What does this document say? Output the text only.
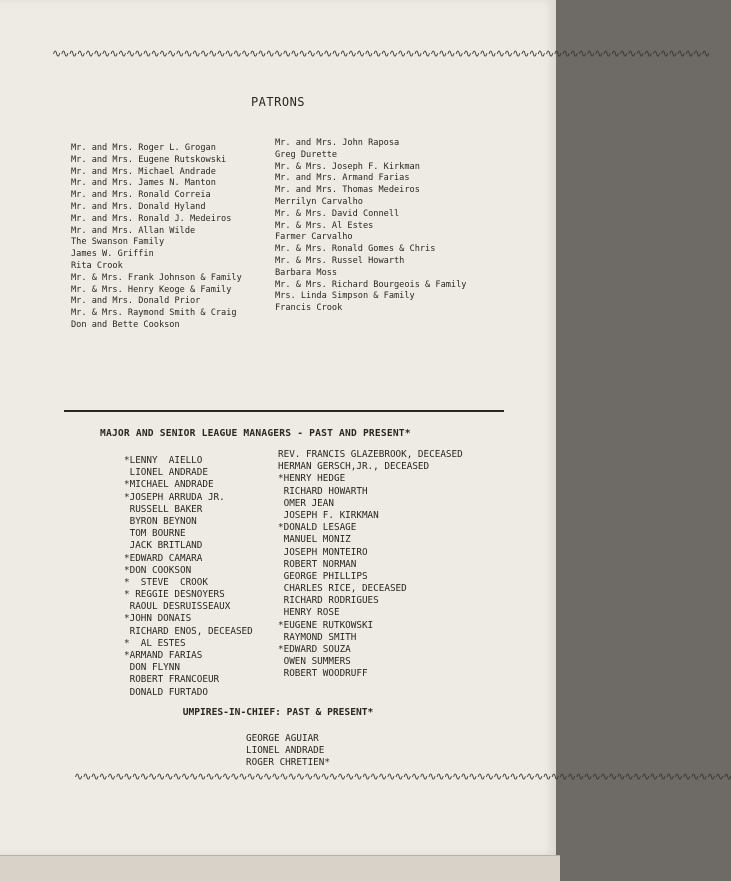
∿∿∿∿∿∿∿∿∿∿∿∿∿∿∿∿∿∿∿∿∿∿∿∿∿∿∿∿∿∿∿∿∿∿∿∿∿∿∿∿∿∿∿∿∿∿∿∿∿∿∿∿∿∿∿∿∿∿∿∿∿∿∿∿∿∿∿∿∿∿∿∿∿∿∿∿∿∿∿∿
PATRONS
Mr. and Mrs. Roger L. Grogan
Mr. and Mrs. Eugene Rutskowski
Mr. and Mrs. Michael Andrade
Mr. and Mrs. James N. Manton
Mr. and Mrs. Ronald Correia
Mr. and Mrs. Donald Hyland
Mr. and Mrs. Ronald J. Medeiros
Mr. and Mrs. Allan Wilde
The Swanson Family
James W. Griffin
Rita Crook
Mr. & Mrs. Frank Johnson & Family
Mr. & Mrs. Henry Keoge & Family
Mr. and Mrs. Donald Prior
Mr. & Mrs. Raymond Smith & Craig
Don and Bette Cookson
Mr. and Mrs. John Raposa
Greg Durette
Mr. & Mrs. Joseph F. Kirkman
Mr. and Mrs. Armand Farias
Mr. and Mrs. Thomas Medeiros
Merrilyn Carvalho
Mr. & Mrs. David Connell
Mr. & Mrs. Al Estes
Farmer Carvalho
Mr. & Mrs. Ronald Gomes & Chris
Mr. & Mrs. Russel Howarth
Barbara Moss
Mr. & Mrs. Richard Bourgeois & Family
Mrs. Linda Simpson & Family
Francis Crook
MAJOR AND SENIOR LEAGUE MANAGERS - PAST AND PRESENT*
*LENNY  AIELLO
LIONEL ANDRADE
*MICHAEL ANDRADE
*JOSEPH ARRUDA JR.
RUSSELL BAKER
BYRON BEYNON
TOM BOURNE
JACK BRITLAND
*EDWARD CAMARA
*DON COOKSON
*  STEVE  CROOK
* REGGIE DESNOYERS
RAOUL DESRUISSEAUX
*JOHN DONAIS
RICHARD ENOS, DECEASED
*  AL ESTES
*ARMAND FARIAS
DON FLYNN
ROBERT FRANCOEUR
DONALD FURTADO
REV. FRANCIS GLAZEBROOK, DECEASED
HERMAN GERSCH,JR., DECEASED
*HENRY HEDGE
RICHARD HOWARTH
OMER JEAN
JOSEPH F. KIRKMAN
*DONALD LESAGE
MANUEL MONIZ
JOSEPH MONTEIRO
ROBERT NORMAN
GEORGE PHILLIPS
CHARLES RICE, DECEASED
RICHARD RODRIGUES
HENRY ROSE
*EUGENE RUTKOWSKI
RAYMOND SMITH
*EDWARD SOUZA
OWEN SUMMERS
ROBERT WOODRUFF
UMPIRES-IN-CHIEF: PAST & PRESENT*
GEORGE AGUIAR
LIONEL ANDRADE
ROGER CHRETIEN*
∿∿∿∿∿∿∿∿∿∿∿∿∿∿∿∿∿∿∿∿∿∿∿∿∿∿∿∿∿∿∿∿∿∿∿∿∿∿∿∿∿∿∿∿∿∿∿∿∿∿∿∿∿∿∿∿∿∿∿∿∿∿∿∿∿∿∿∿∿∿∿∿∿∿∿∿∿∿∿∿
